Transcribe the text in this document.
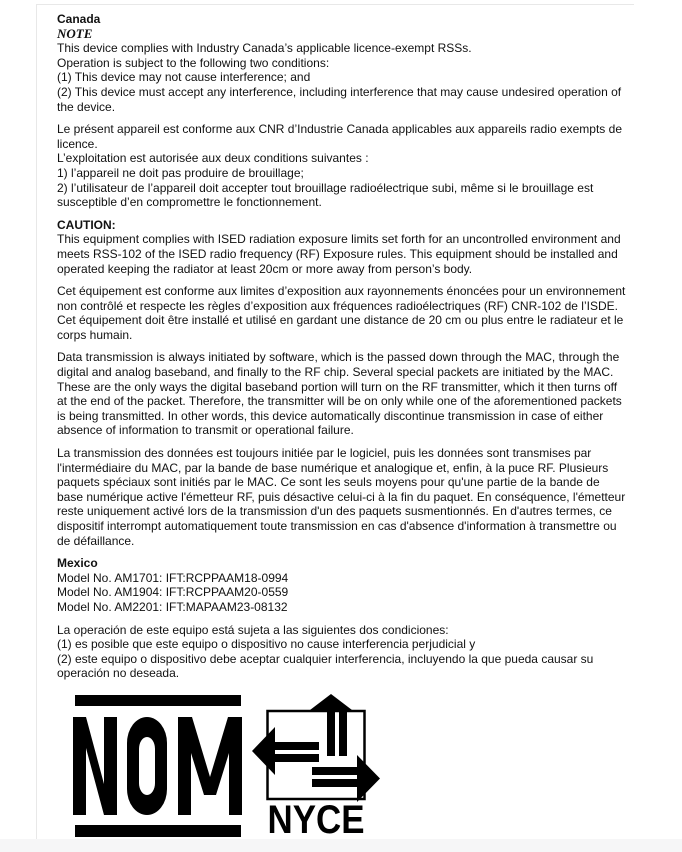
Canada
NOTE
This device complies with Industry Canada’s applicable licence-exempt RSSs.
Operation is subject to the following two conditions:
(1) This device may not cause interference; and
(2) This device must accept any interference, including interference that may cause undesired operation of the device.
Le présent appareil est conforme aux CNR d’Industrie Canada applicables aux appareils radio exempts de licence.
L’exploitation est autorisée aux deux conditions suivantes :
1) l’appareil ne doit pas produire de brouillage;
2) l’utilisateur de l’appareil doit accepter tout brouillage radioélectrique subi, même si le brouillage est susceptible d’en compromettre le fonctionnement.
CAUTION:
This equipment complies with ISED radiation exposure limits set forth for an uncontrolled environment and meets RSS-102 of the ISED radio frequency (RF) Exposure rules. This equipment should be installed and operated keeping the radiator at least 20cm or more away from person’s body.
Cet équipement est conforme aux limites d’exposition aux rayonnements énoncées pour un environnement non contrôlé et respecte les règles d’exposition aux fréquences radioélectriques (RF) CNR-102 de l’ISDE. Cet équipement doit être installé et utilisé en gardant une distance de 20 cm ou plus entre le radiateur et le corps humain.
Data transmission is always initiated by software, which is the passed down through the MAC, through the digital and analog baseband, and finally to the RF chip. Several special packets are initiated by the MAC. These are the only ways the digital baseband portion will turn on the RF transmitter, which it then turns off at the end of the packet. Therefore, the transmitter will be on only while one of the aforementioned packets is being transmitted. In other words, this device automatically discontinue transmission in case of either absence of information to transmit or operational failure.
La transmission des données est toujours initiée par le logiciel, puis les données sont transmises par l'intermédiaire du MAC, par la bande de base numérique et analogique et, enfin, à la puce RF. Plusieurs paquets spéciaux sont initiés par le MAC. Ce sont les seuls moyens pour qu'une partie de la bande de base numérique active l'émetteur RF, puis désactive celui-ci à la fin du paquet. En conséquence, l'émetteur reste uniquement activé lors de la transmission d'un des paquets susmentionnés. En d'autres termes, ce dispositif interrompt automatiquement toute transmission en cas d'absence d'information à transmettre ou de défaillance.
Mexico
Model No. AM1701: IFT:RCPPAAM18-0994
Model No. AM1904: IFT:RCPPAAM20-0559
Model No. AM2201: IFT:MAPAAM23-08132
La operación de este equipo está sujeta a las siguientes dos condiciones:
(1) es posible que este equipo o dispositivo no cause interferencia perjudicial y
(2) este equipo o dispositivo debe aceptar cualquier interferencia, incluyendo la que pueda causar su operación no deseada.
NYCE
